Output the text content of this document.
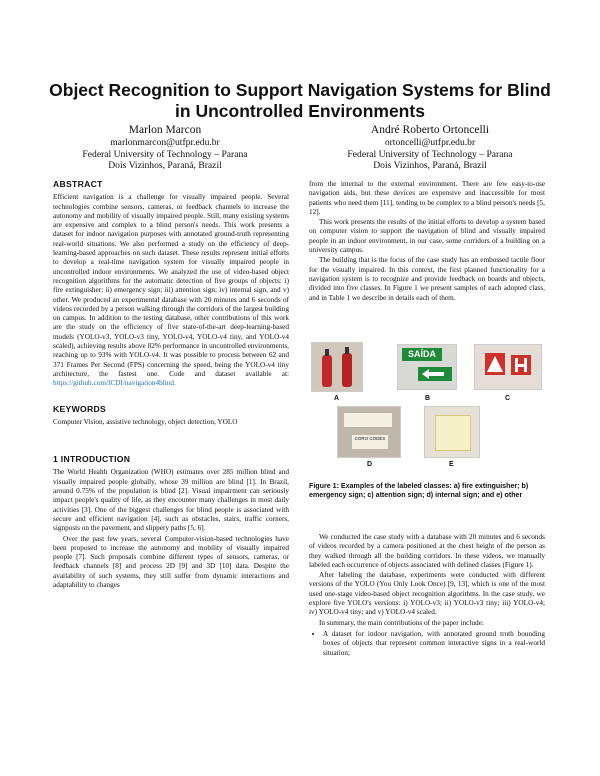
Object Recognition to Support Navigation Systems for Blind in Uncontrolled Environments
Marlon Marcon
marlonmarcon@utfpr.edu.br
Federal University of Technology – Parana
Dois Vizinhos, Paraná, Brazil
André Roberto Ortoncelli
ortoncelli@utfpr.edu.br
Federal University of Technology – Parana
Dois Vizinhos, Paraná, Brazil
ABSTRACT

Efficient navigation is a challenge for visually impaired people. Several technologies combine sensors, cameras, or feedback channels to increase the autonomy and mobility of visually impaired people. Still, many existing systems are expensive and complex to a blind person's needs. This work presents a dataset for indoor navigation purposes with annotated ground-truth representing real-world situations. We also performed a study on the efficiency of deep-learning-based approaches on such dataset. These results represent initial efforts to develop a real-time navigation system for visually impaired people in uncontrolled indoor environments. We analyzed the use of video-based object recognition algorithms for the automatic detection of five groups of objects: i) fire extinguisher; ii) emergency sign; iii) attention sign; iv) internal sign, and v) other. We produced an experimental database with 20 minutes and 6 seconds of videos recorded by a person walking through the corridors of the largest building on campus. In addition to the testing database, other contributions of this work are the study on the efficiency of five state-of-the-art deep-learning-based models (YOLO-v3, YOLO-v3 tiny, YOLO-v4, YOLO-v4 tiny, and YOLO-v4 scaled), achieving results above 82% performance in uncontrolled environments, reaching up to 93% with YOLO-v4. It was possible to process between 62 and 371 Frames Per Second (FPS) concerning the speed, being the YOLO-v4 tiny architecture, the fastest one. Code and dataset available at: https://github.com/ICDI/navigation4blind.

KEYWORDS

Computer Vision, assistive technology, object detection, YOLO

1 INTRODUCTION

The World Health Organization (WHO) estimates over 285 million blind and visually impaired people globally, whose 39 million are blind [1]. In Brazil, around 0.75% of the population is blind [2]. Visual impairment can seriously impact people's quality of life, as they encounter many challenges in most daily activities [3]. One of the biggest challenges for blind people is associated with secure and efficient navigation [4], such as obstacles, stairs, traffic corners, signposts on the pavement, and slippery paths [5, 6].

Over the past few years, several Computer-vision-based technologies have been proposed to increase the autonomy and mobility of visually impaired people [7]. Such proposals combine different types of sensors, cameras, or feedback channels [8] and process 2D [9] and 3D [10] data. Despite the availability of such systems, they still suffer from dynamic interactions and adaptability to changes

from the internal to the external environment. There are few easy-to-use navigation aids, but these devices are expensive and inaccessible for most patients who need them [11], tending to be complex to a blind person's needs [5, 12].

This work presents the results of the initial efforts to develop a system based on computer vision to support the navigation of blind and visually impaired people in an indoor environment, in our case, some corridors of a building on a university campus.

The building that is the focus of the case study has an embossed tactile floor for the visually impaired. In this context, the first planned functionality for a navigation system is to recognize and provide feedback on boards and objects, divided into five classes. In Figure 1 we present samples of each adopted class, and in Table 1 we describe in details each of them.

SAÍDA
A	B	C
CORO CODES
D	E
Figure 1: Examples of the labeled classes: a) fire extinguisher; b) emergency sign; c) attention sign; d) internal sign; and e) other

We conducted the case study with a database with 20 minutes and 6 seconds of videos recorded by a camera positioned at the chest height of the person as they walked through all the building corridors. In these videos, we manually labeled each occurrence of objects associated with defined classes (Figure 1).

After labeling the database, experiments were conducted with different versions of the YOLO (You Only Look Once) [9, 13], which is one of the most used one-stage video-based object recognition algorithms. In the case study, we explore five YOLO's versions: i) YOLO-v3; ii) YOLO-v3 tiny; iii) YOLO-v4; iv) YOLO-v4 tiny; and v) YOLO-v4 scaled.

In summary, the main contributions of the paper include:

• A dataset for indoor navigation, with annotated ground truth bounding boxes of objects that represent common interactive signs in a real-world situation;
